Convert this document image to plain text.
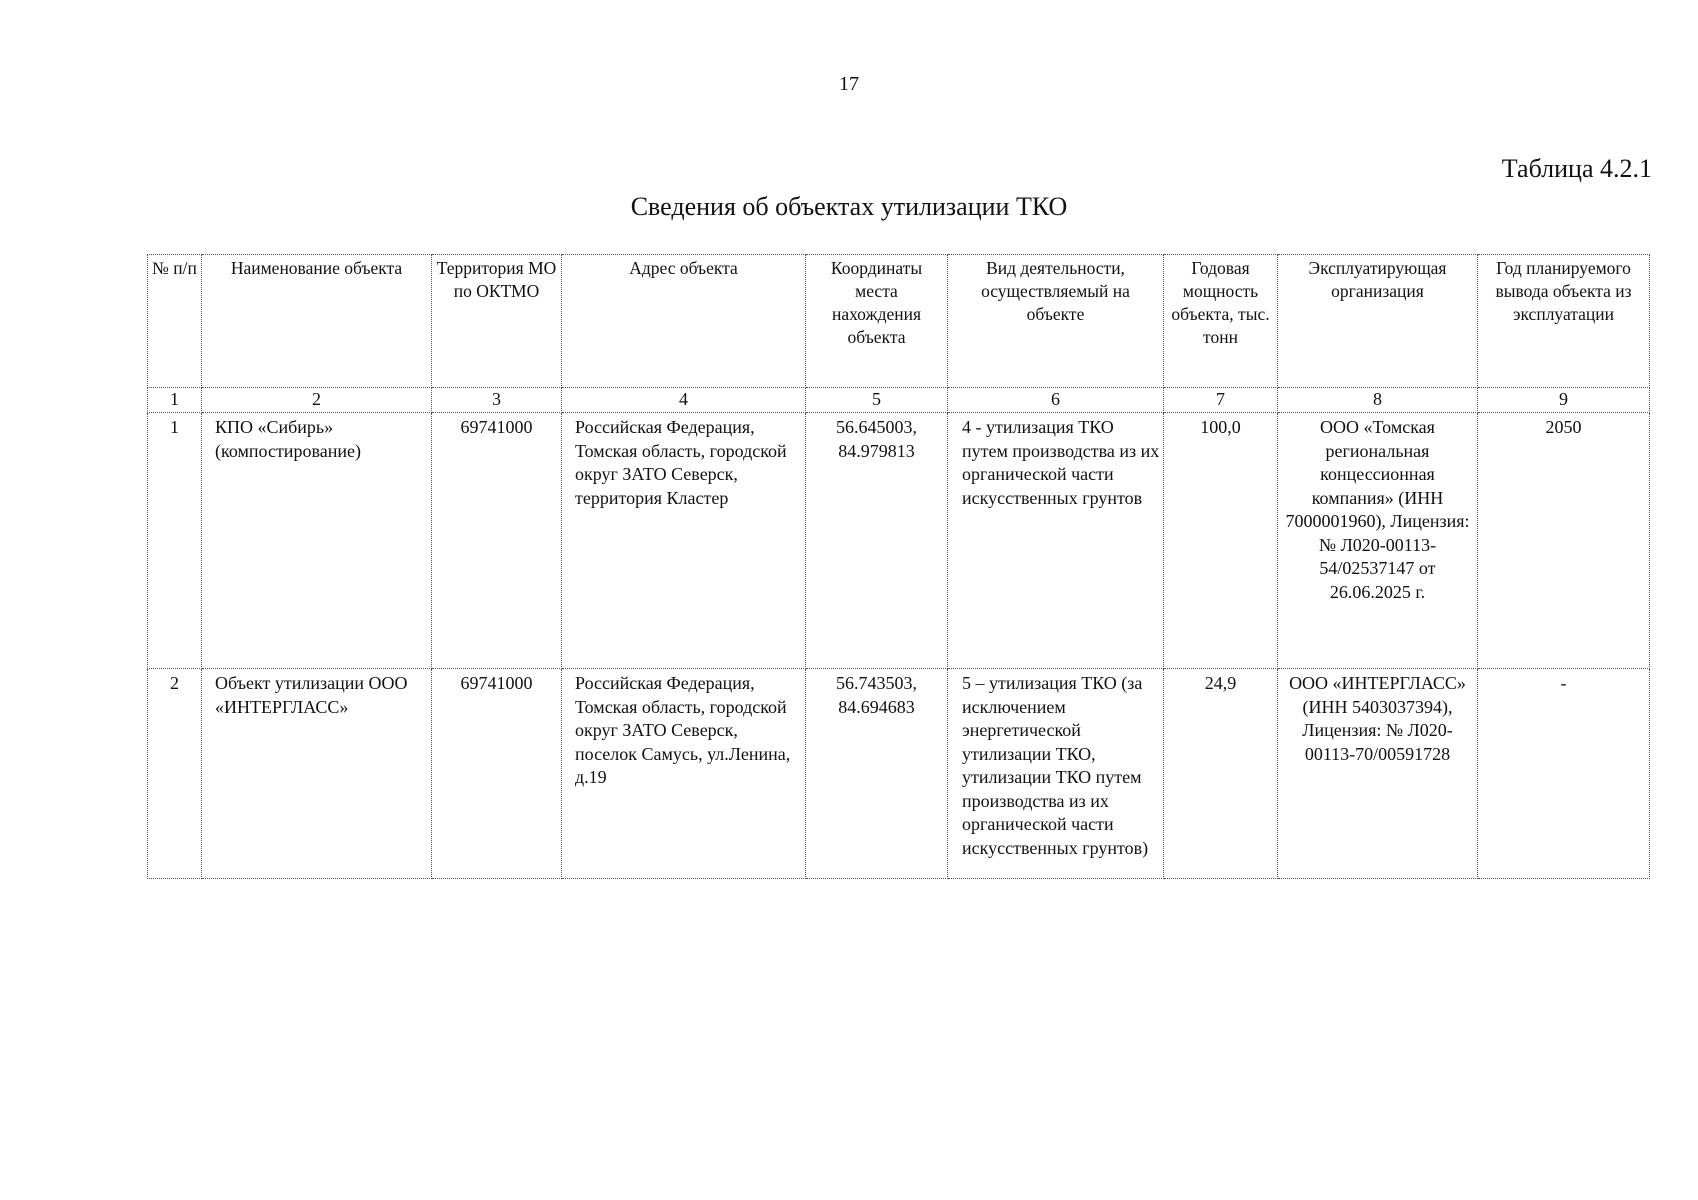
17
Таблица 4.2.1
Сведения об объектах утилизации ТКО
№ п/п	Наименование объекта	Территория МО по ОКТМО	Адрес объекта	Координаты места нахождения объекта	Вид деятельности, осуществляемый на объекте	Годовая мощность объекта, тыс. тонн	Эксплуатирующая организация	Год планируемого вывода объекта из эксплуатации
1	2	3	4	5	6	7	8	9
1	КПО «Сибирь» (компостирование)	69741000	Российская Федерация, Томская область, городской округ ЗАТО Северск, территория Кластер	56.645003, 84.979813	4 - утилизация ТКО путем производства из их органической части искусственных грунтов	100,0	ООО «Томская региональная концессионная компания» (ИНН 7000001960), Лицензия: № Л020-00113-54/02537147 от 26.06.2025 г.	2050
2	Объект утилизации ООО «ИНТЕРГЛАСС»	69741000	Российская Федерация, Томская область, городской округ ЗАТО Северск, поселок Самусь, ул.Ленина, д.19	56.743503, 84.694683	5 – утилизация ТКО (за исключением энергетической утилизации ТКО, утилизации ТКО путем производства из их органической части искусственных грунтов)	24,9	ООО «ИНТЕРГЛАСС» (ИНН 5403037394), Лицензия: № Л020-00113-70/00591728	-
